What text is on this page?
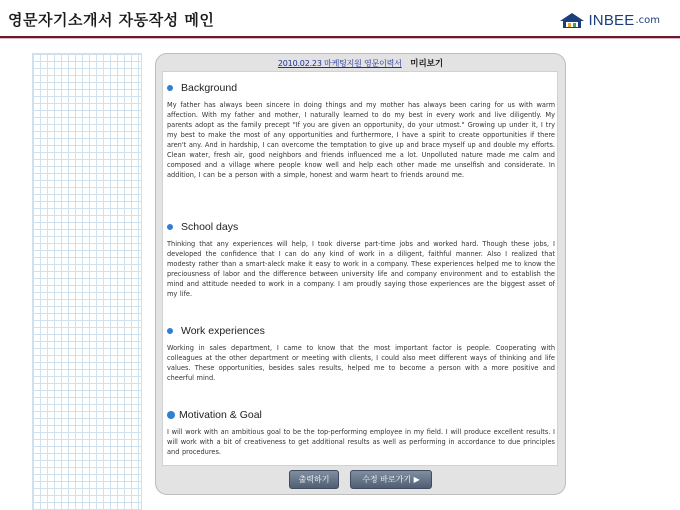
영문자기소개서 자동작성 메인	INBEE .com
2010.02.23 마케팅지원 영문이력서 미리보기
Background
My father has always been sincere in doing things and my mother has always been caring for us with warm affection. With my father and mother, I naturally learned to do my best in every work and live diligently. My parents adopt as the family precept "If you are given an opportunity, do your utmost." Growing up under it, I try my best to make the most of any opportunities and furthermore, I have a spirit to create opportunities if there aren't any. And in hardship, I can overcome the temptation to give up and brace myself up and double my efforts. Clean water, fresh air, good neighbors and friends influenced me a lot. Unpolluted nature made me calm and composed and a village where people know well and help each other made me unselfish and considerate. In addition, I can be a person with a simple, honest and warm heart to friends around me.
School days
Thinking that any experiences will help, I took diverse part-time jobs and worked hard. Though these jobs, I developed the confidence that I can do any kind of work in a diligent, faithful manner. Also I realized that modesty rather than a smart-aleck make it easy to work in a company. These experiences helped me to know the preciousness of labor and the difference between university life and company environment and to establish the mind and attitude needed to work in a company. I am proudly saying those experiences are the biggest asset of my life.
Work experiences
Working in sales department, I came to know that the most important factor is people. Cooperating with colleagues at the other department or meeting with clients, I could also meet different ways of thinking and life values. These opportunities, besides sales results, helped me to become a person with a more positive and cheerful mind.
Motivation & Goal
I will work with an ambitious goal to be the top-performing employee in my field. I will produce excellent results. I will work with a bit of creativeness to get additional results as well as performing in accordance to due principles and procedures.
출력하기	수정 바로가기 ▶
